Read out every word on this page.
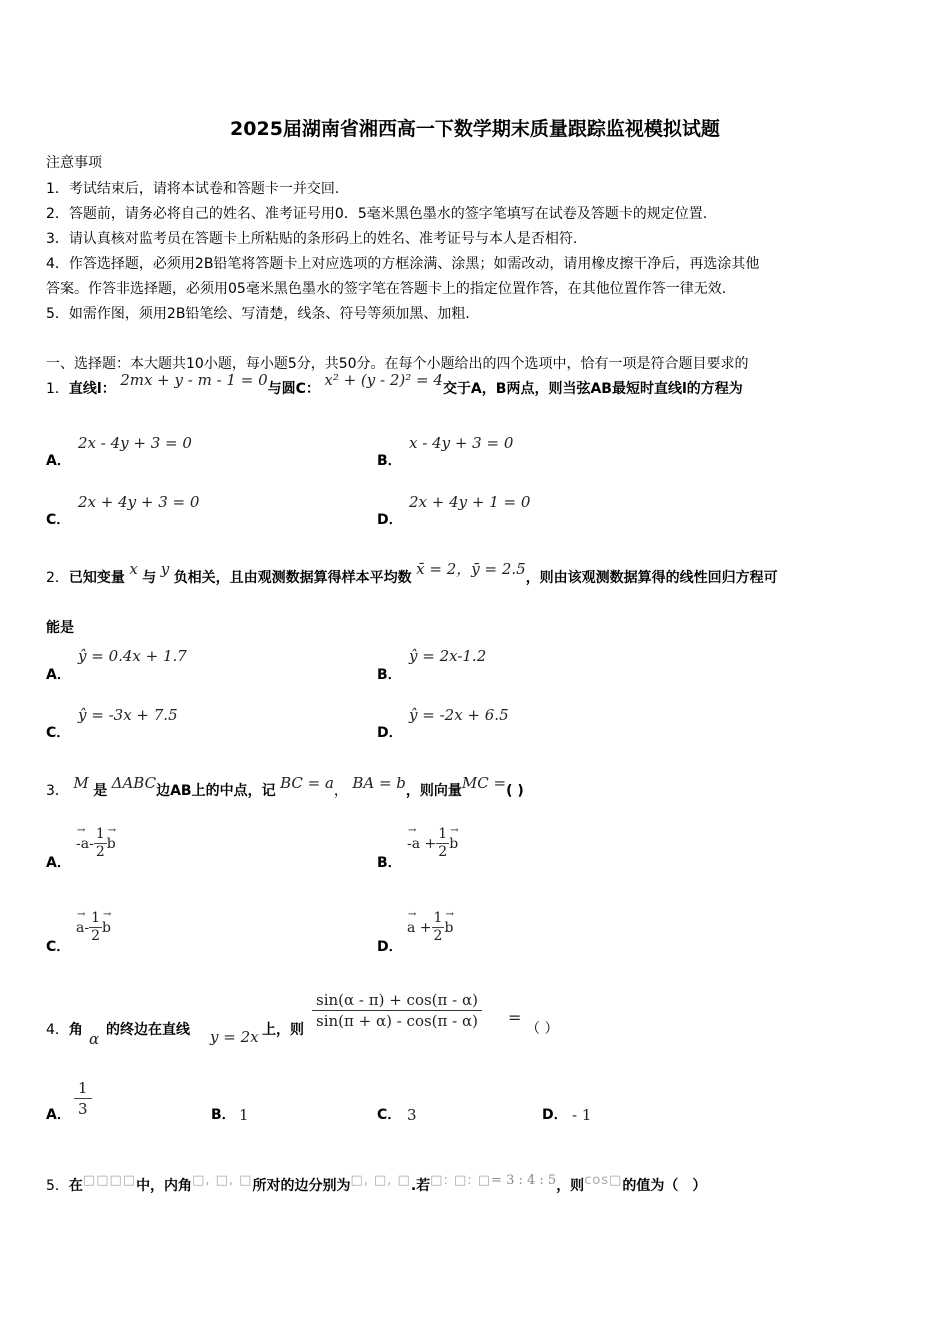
2025届湖南省湘西高一下数学期末质量跟踪监视模拟试题
注意事项
1．考试结束后，请将本试卷和答题卡一并交回.
2．答题前，请务必将自己的姓名、准考证号用0．5毫米黑色墨水的签字笔填写在试卷及答题卡的规定位置.
3．请认真核对监考员在答题卡上所粘贴的条形码上的姓名、准考证号与本人是否相符.
4．作答选择题，必须用2B铅笔将答题卡上对应选项的方框涂满、涂黑；如需改动，请用橡皮擦干净后，再选涂其他
答案。作答非选择题，必须用05毫米黑色墨水的签字笔在答题卡上的指定位置作答，在其他位置作答一律无效.
5．如需作图，须用2B铅笔绘、写清楚，线条、符号等须加黑、加粗.
一、选择题：本大题共10小题，每小题5分，共50分。在每个小题给出的四个选项中，恰有一项是符合题目要求的
1．直线l： 2mx + y - m - 1 = 0与圆C： x² + (y - 2)² = 4交于A，B两点，则当弦AB最短时直线l的方程为
A．
2x - 4y + 3 = 0
B．
x - 4y + 3 = 0
C．
2x + 4y + 3 = 0
D．
2x + 4y + 1 = 0
2．已知变量 x 与 y 负相关，且由观测数据算得样本平均数 x̄ = 2，ȳ = 2.5，则由该观测数据算得的线性回归方程可
能是
A．
ŷ = 0.4x + 1.7
B．
ŷ = 2x-1.2
C．
ŷ = -3x + 7.5
D．
ŷ = -2x + 6.5
3． M 是 ΔABC边AB上的中点，记 BC = a， BA = b，则向量MC =( )
A．
→ $-a- \frac{1}{2}$
→ b
B．
→ $-a + \frac{1}{2}$
→ b
C．
→ $a- \frac{1}{2}$
→ b
D．
→ $a + \frac{1}{2}$
→ b
4．角 α 的终边在直线 y = 2x 上，则 $\frac{\sin(\alpha - \pi) + \cos(\pi - \alpha)}{\sin(\pi + \alpha) - \cos(\pi - \alpha)}$ =
（ ）
A． $\frac{1}{3}$	B． 1	C． 3	D． - 1
5．在□□□□中，内角□, □, □所对的边分别为□, □, □.若□: □: □= 3 : 4 : 5，则cos□的值为（　）
